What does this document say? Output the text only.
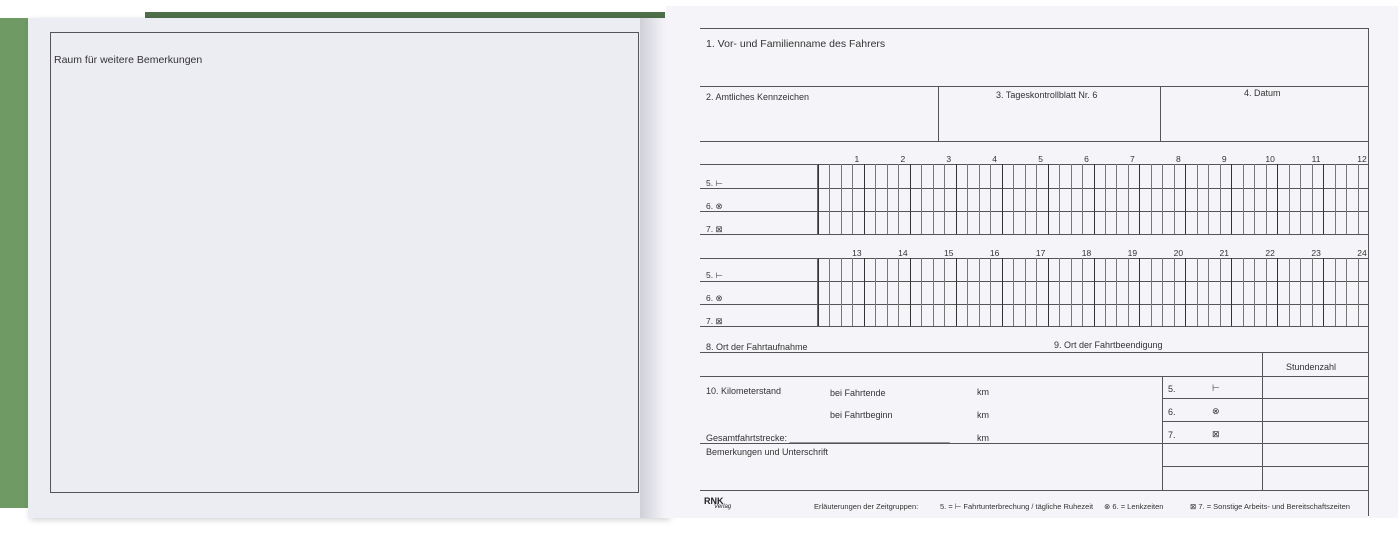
Raum für weitere Bemerkungen
1. Vor- und Familienname des Fahrers
2. Amtliches Kennzeichen	3. Tageskontrollblatt Nr. 6	4. Datum
1	2	3	4	5	6	7	8	9	10	11	12
5. ⊢
6. ⊗
7. ⊠
13	14	15	16	17	18	19	20	21	22	23	24
5. ⊢
6. ⊗
7. ⊠
8. Ort der Fahrtaufnahme	9. Ort der Fahrtbeendigung
Stundenzahl
5.	⊢
6.	⊗
7.	⊠
10. Kilometerstand	bei Fahrtende	km
bei Fahrtbeginn	km
Gesamtfahrtstrecke: ________________________________	km
Bemerkungen und Unterschrift
RNK
Verlag	Erläuterungen der Zeitgruppen:	5. = ⊢ Fahrtunterbrechung / tägliche Ruhezeit ⊗ 6. = Lenkzeiten	⊠ 7. = Sonstige Arbeits- und Bereitschaftszeiten
